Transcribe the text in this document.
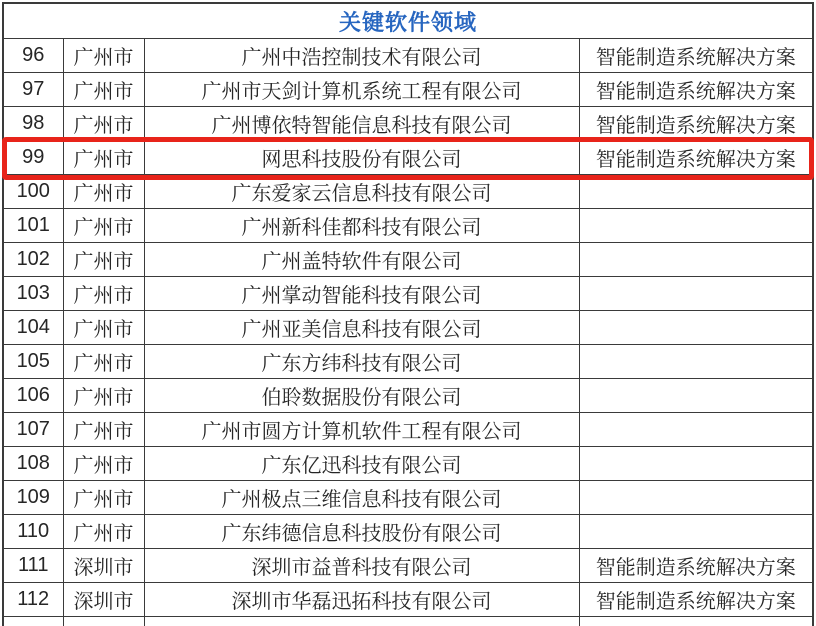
关键软件领域			
96	广州市	广州中浩控制技术有限公司	智能制造系统解决方案
97	广州市	广州市天剑计算机系统工程有限公司	智能制造系统解决方案
98	广州市	广州博依特智能信息科技有限公司	智能制造系统解决方案
99	广州市	网思科技股份有限公司	智能制造系统解决方案
100	广州市	广东爱家云信息科技有限公司	
101	广州市	广州新科佳都科技有限公司	
102	广州市	广州盖特软件有限公司	
103	广州市	广州掌动智能科技有限公司	
104	广州市	广州亚美信息科技有限公司	
105	广州市	广东方纬科技有限公司	
106	广州市	伯聆数据股份有限公司	
107	广州市	广州市圆方计算机软件工程有限公司	
108	广州市	广东亿迅科技有限公司	
109	广州市	广州极点三维信息科技有限公司	
110	广州市	广东纬德信息科技股份有限公司	
111	深圳市	深圳市益普科技有限公司	智能制造系统解决方案
112	深圳市	深圳市华磊迅拓科技有限公司	智能制造系统解决方案
